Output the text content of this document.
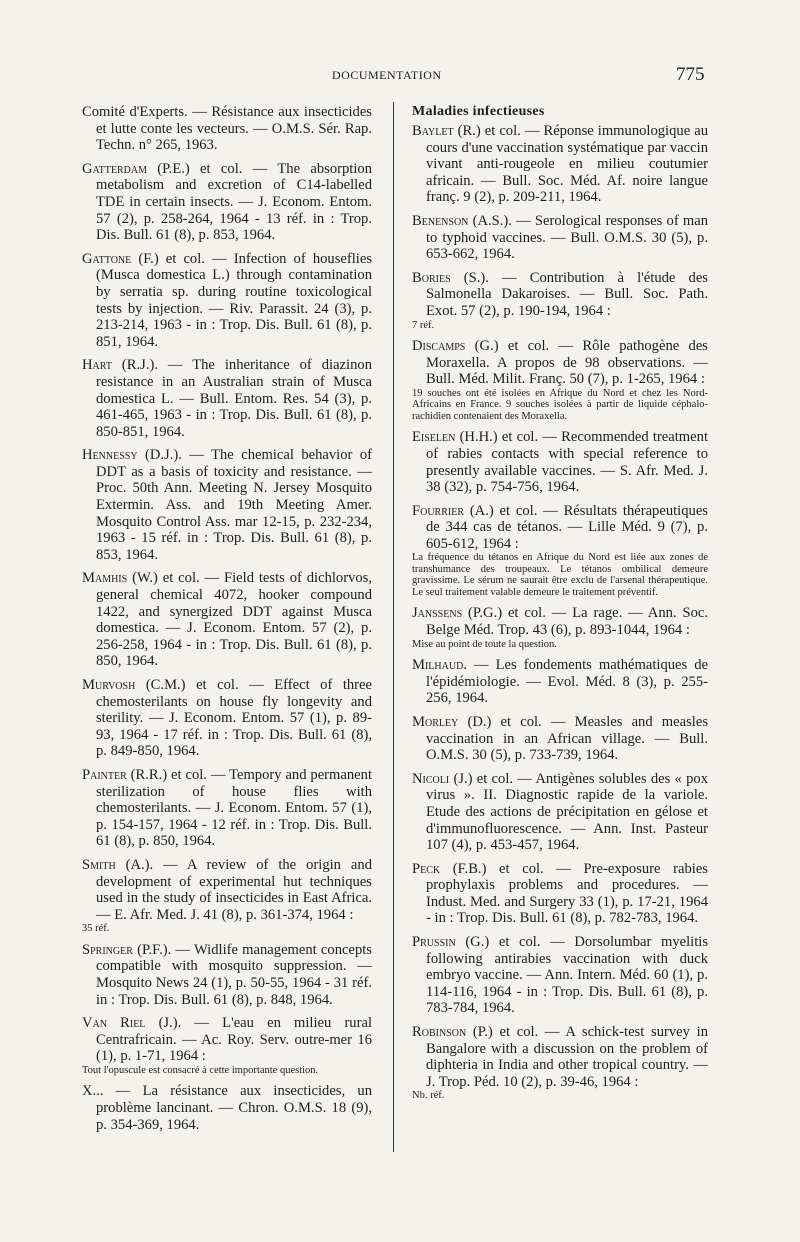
DOCUMENTATION	775
Comité d'Experts. — Résistance aux insecticides et lutte conte les vecteurs. — O.M.S. Sér. Rap. Techn. n° 265, 1963.
Gatterdam (P.E.) et col. — The absorption metabolism and excretion of C14-labelled TDE in certain insects. — J. Econom. Entom. 57 (2), p. 258-264, 1964 - 13 réf. in : Trop. Dis. Bull. 61 (8), p. 853, 1964.
Gattone (F.) et col. — Infection of houseflies (Musca domestica L.) through contamination by serratia sp. during routine toxicological tests by injection. — Riv. Parassit. 24 (3), p. 213-214, 1963 - in : Trop. Dis. Bull. 61 (8), p. 851, 1964.
Hart (R.J.). — The inheritance of diazinon resistance in an Australian strain of Musca domestica L. — Bull. Entom. Res. 54 (3), p. 461-465, 1963 - in : Trop. Dis. Bull. 61 (8), p. 850-851, 1964.
Hennessy (D.J.). — The chemical behavior of DDT as a basis of toxicity and resistance. — Proc. 50th Ann. Meeting N. Jersey Mosquito Extermin. Ass. and 19th Meeting Amer. Mosquito Control Ass. mar 12-15, p. 232-234, 1963 - 15 réf. in : Trop. Dis. Bull. 61 (8), p. 853, 1964.
Mamhis (W.) et col. — Field tests of dichlorvos, general chemical 4072, hooker compound 1422, and synergized DDT against Musca domestica. — J. Econom. Entom. 57 (2), p. 256-258, 1964 - in : Trop. Dis. Bull. 61 (8), p. 850, 1964.
Murvosh (C.M.) et col. — Effect of three chemosterilants on house fly longevity and sterility. — J. Econom. Entom. 57 (1), p. 89-93, 1964 - 17 réf. in : Trop. Dis. Bull. 61 (8), p. 849-850, 1964.
Painter (R.R.) et col. — Tempory and permanent sterilization of house flies with chemosterilants. — J. Econom. Entom. 57 (1), p. 154-157, 1964 - 12 réf. in : Trop. Dis. Bull. 61 (8), p. 850, 1964.
Smith (A.). — A review of the origin and development of experimental hut techniques used in the study of insecticides in East Africa. — E. Afr. Med. J. 41 (8), p. 361-374, 1964 :
35 réf.
Springer (P.F.). — Widlife management concepts compatible with mosquito suppression. — Mosquito News 24 (1), p. 50-55, 1964 - 31 réf. in : Trop. Dis. Bull. 61 (8), p. 848, 1964.
Van Riel (J.). — L'eau en milieu rural Centrafricain. — Ac. Roy. Serv. outre-mer 16 (1), p. 1-71, 1964 :
Tout l'opuscule est consacré à cette importante question.
X... — La résistance aux insecticides, un problème lancinant. — Chron. O.M.S. 18 (9), p. 354-369, 1964.
Maladies infectieuses
Baylet (R.) et col. — Réponse immunologique au cours d'une vaccination systématique par vaccin vivant anti-rougeole en milieu coutumier africain. — Bull. Soc. Méd. Af. noire langue franç. 9 (2), p. 209-211, 1964.
Benenson (A.S.). — Serological responses of man to typhoid vaccines. — Bull. O.M.S. 30 (5), p. 653-662, 1964.
Bories (S.). — Contribution à l'étude des Salmonella Dakaroises. — Bull. Soc. Path. Exot. 57 (2), p. 190-194, 1964 :
7 réf.
Discamps (G.) et col. — Rôle pathogène des Moraxella. A propos de 98 observations. — Bull. Méd. Milit. Franç. 50 (7), p. 1-265, 1964 :
19 souches ont été isolées en Afrique du Nord et chez les Nord-Africains en France. 9 souches isolées à partir de liquide céphalo-rachidien contenaient des Moraxella.
Eiselen (H.H.) et col. — Recommended treatment of rabies contacts with special reference to presently available vaccines. — S. Afr. Med. J. 38 (32), p. 754-756, 1964.
Fourrier (A.) et col. — Résultats thérapeutiques de 344 cas de tétanos. — Lille Méd. 9 (7), p. 605-612, 1964 :
La fréquence du tétanos en Afrique du Nord est liée aux zones de transhumance des troupeaux. Le tétanos ombilical demeure gravissime. Le sérum ne saurait être exclu de l'arsenal thérapeutique. Le seul traitement valable demeure le traitement préventif.
Janssens (P.G.) et col. — La rage. — Ann. Soc. Belge Méd. Trop. 43 (6), p. 893-1044, 1964 :
Mise au point de toute la question.
Milhaud. — Les fondements mathématiques de l'épidémiologie. — Evol. Méd. 8 (3), p. 255-256, 1964.
Morley (D.) et col. — Measles and measles vaccination in an African village. — Bull. O.M.S. 30 (5), p. 733-739, 1964.
Nicoli (J.) et col. — Antigènes solubles des « pox virus ». II. Diagnostic rapide de la variole. Etude des actions de précipitation en gélose et d'immunofluorescence. — Ann. Inst. Pasteur 107 (4), p. 453-457, 1964.
Peck (F.B.) et col. — Pre-exposure rabies prophylaxis problems and procedures. — Indust. Med. and Surgery 33 (1), p. 17-21, 1964 - in : Trop. Dis. Bull. 61 (8), p. 782-783, 1964.
Prussin (G.) et col. — Dorsolumbar myelitis following antirabies vaccination with duck embryo vaccine. — Ann. Intern. Méd. 60 (1), p. 114-116, 1964 - in : Trop. Dis. Bull. 61 (8), p. 783-784, 1964.
Robinson (P.) et col. — A schick-test survey in Bangalore with a discussion on the problem of diphteria in India and other tropical country. — J. Trop. Péd. 10 (2), p. 39-46, 1964 :
Nb. réf.
